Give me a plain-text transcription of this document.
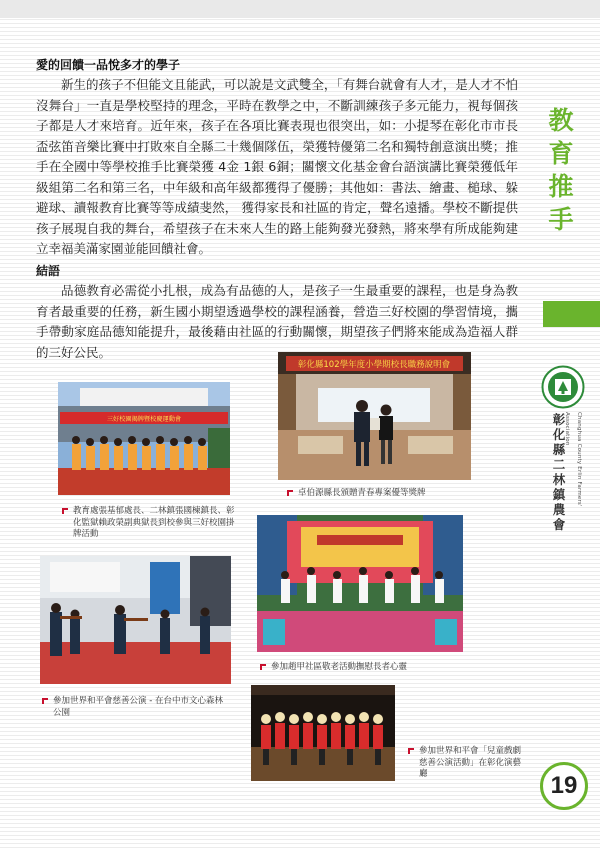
愛的回饋一品悅多才的學子

新生的孩子不但能文且能武，可以說是文武雙全，「有舞台就會有人才，是人才不怕沒舞台」一直是學校堅持的理念，平時在教學之中，不斷訓練孩子多元能力，視每個孩子都是人才來培育。近年來，孩子在各項比賽表現也很突出，如：小提琴在彰化市市長盃弦笛音樂比賽中打敗來自全縣二十幾個隊伍，榮獲特優第二名和獨特創意演出獎；推手在全國中等學校推手比賽榮獲 4金 1銀 6銅；關懷文化基金會台語演講比賽榮獲低年級組第二名和第三名，中年級和高年級都獲得了優勝；其他如：書法、繪畫、槌球、躲避球、讀報教育比賽等等成績斐然， 獲得家長和社區的肯定，聲名遠播。學校不斷提供孩子展現自我的舞台，希望孩子在未來人生的路上能夠發光發熱，將來學有所成能夠建立幸福美滿家園並能回饋社會。

結語

品德教育必需從小扎根，成為有品德的人，是孩子一生最重要的課程，也是身為教育者最重要的任務，新生國小期望透過學校的課程涵養，營造三好校園的學習情境，攜手帶動家庭品德知能提升，最後藉由社區的行動關懷，期望孩子們將來能成為造福人群的三好公民。

教
育
推
手
彰
化
縣
二
林
鎮
農
會
Changhua County Erlin Farmers' Association
19
彰化縣102學年度小學期校長職務說明會
卓伯源縣長頒贈青春專案優等獎牌
三好校園揭牌暨校慶運動會
教育處張基郁處長、二林鎮張國楝鎮長、彰化監獄賴政榮副典獄長到校參與三好校園掛牌活動
參加趙甲社區敬老活動撫慰長者心靈
參加世界和平會慈善公演 - 在台中市文心森林公園
參加世界和平會「兒童戲劇慈善公演活動」在彰化演藝廳
